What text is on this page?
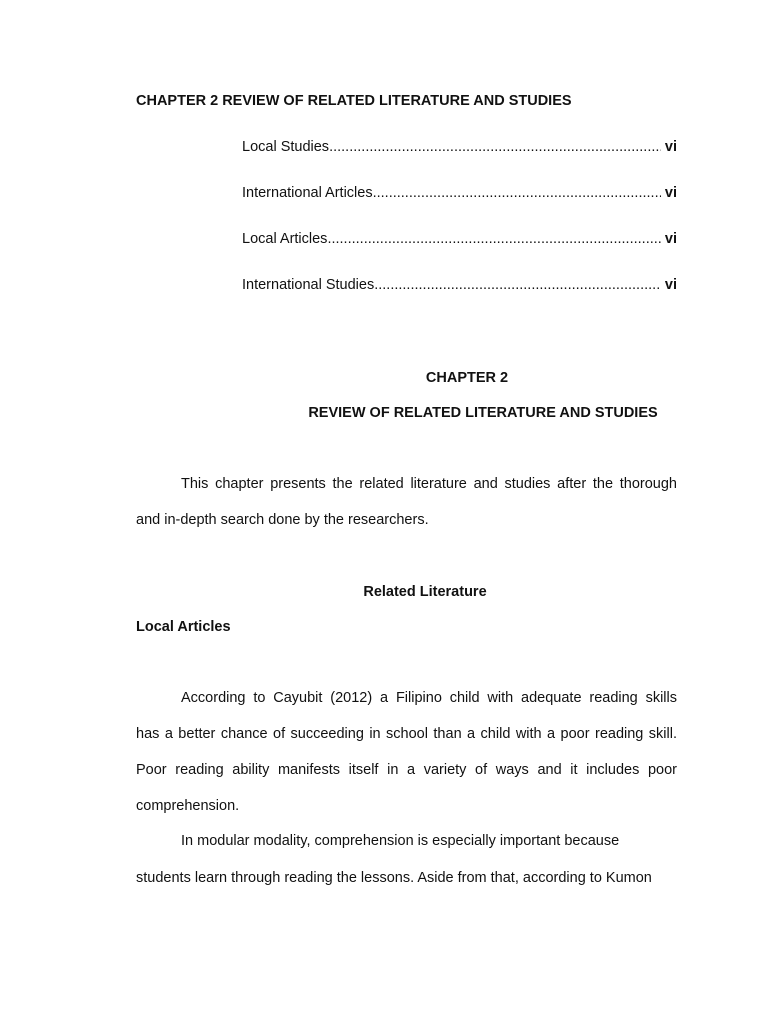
CHAPTER 2 REVIEW OF RELATED LITERATURE AND STUDIES
Local Studies .....	vi
International Articles .....	vi
Local Articles .....	vi
International Studies .....	vi
CHAPTER 2
REVIEW OF RELATED LITERATURE AND STUDIES
This chapter presents the related literature and studies after the thorough
and in-depth search done by the researchers.
Related Literature
Local Articles
According to Cayubit (2012) a Filipino child with adequate reading skills
has a better chance of succeeding in school than a child with a poor reading skill.
Poor reading ability manifests itself in a variety of ways and it includes poor
comprehension.
In modular modality, comprehension is especially important because
students learn through reading the lessons. Aside from that, according to Kumon
